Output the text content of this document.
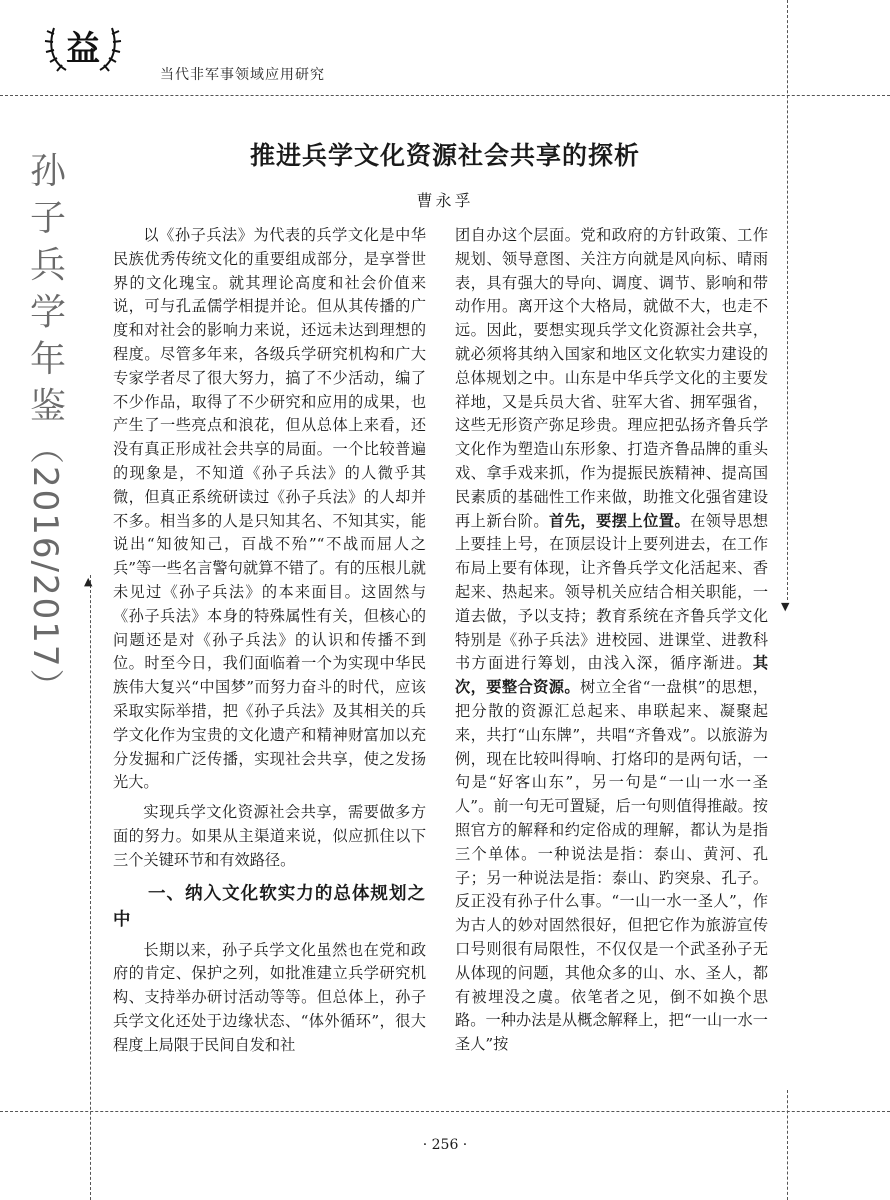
益
当代非军事领域应用研究
孙
子
兵
学
年
鉴
（2016/2017） ▲
▼
推进兵学文化资源社会共享的探析
曹永孚

以《孙子兵法》为代表的兵学文化是中华民族优秀传统文化的重要组成部分，是享誉世界的文化瑰宝。就其理论高度和社会价值来说，可与孔孟儒学相提并论。但从其传播的广度和对社会的影响力来说，还远未达到理想的程度。尽管多年来，各级兵学研究机构和广大专家学者尽了很大努力，搞了不少活动，编了不少作品，取得了不少研究和应用的成果，也产生了一些亮点和浪花，但从总体上来看，还没有真正形成社会共享的局面。一个比较普遍的现象是，不知道《孙子兵法》的人微乎其微，但真正系统研读过《孙子兵法》的人却并不多。相当多的人是只知其名、不知其实，能说出“知彼知己，百战不殆”“不战而屈人之兵”等一些名言警句就算不错了。有的压根儿就未见过《孙子兵法》的本来面目。这固然与《孙子兵法》本身的特殊属性有关，但核心的问题还是对《孙子兵法》的认识和传播不到位。时至今日，我们面临着一个为实现中华民族伟大复兴“中国梦”而努力奋斗的时代，应该采取实际举措，把《孙子兵法》及其相关的兵学文化作为宝贵的文化遗产和精神财富加以充分发掘和广泛传播，实现社会共享，使之发扬光大。

实现兵学文化资源社会共享，需要做多方面的努力。如果从主渠道来说，似应抓住以下三个关键环节和有效路径。

一、纳入文化软实力的总体规划之中

长期以来，孙子兵学文化虽然也在党和政府的肯定、保护之列，如批准建立兵学研究机构、支持举办研讨活动等等。但总体上，孙子兵学文化还处于边缘状态、“体外循环”，很大程度上局限于民间自发和社

团自办这个层面。党和政府的方针政策、工作规划、领导意图、关注方向就是风向标、晴雨表，具有强大的导向、调度、调节、影响和带动作用。离开这个大格局，就做不大，也走不远。因此，要想实现兵学文化资源社会共享，就必须将其纳入国家和地区文化软实力建设的总体规划之中。山东是中华兵学文化的主要发祥地，又是兵员大省、驻军大省、拥军强省，这些无形资产弥足珍贵。理应把弘扬齐鲁兵学文化作为塑造山东形象、打造齐鲁品牌的重头戏、拿手戏来抓，作为提振民族精神、提高国民素质的基础性工作来做，助推文化强省建设再上新台阶。首先，要摆上位置。在领导思想上要挂上号，在顶层设计上要列进去，在工作布局上要有体现，让齐鲁兵学文化活起来、香起来、热起来。领导机关应结合相关职能，一道去做，予以支持；教育系统在齐鲁兵学文化特别是《孙子兵法》进校园、进课堂、进教科书方面进行筹划，由浅入深，循序渐进。其次，要整合资源。树立全省“一盘棋”的思想，把分散的资源汇总起来、串联起来、凝聚起来，共打“山东牌”，共唱“齐鲁戏”。以旅游为例，现在比较叫得响、打烙印的是两句话，一句是“好客山东”，另一句是“一山一水一圣人”。前一句无可置疑，后一句则值得推敲。按照官方的解释和约定俗成的理解，都认为是指三个单体。一种说法是指：泰山、黄河、孔子；另一种说法是指：泰山、趵突泉、孔子。反正没有孙子什么事。“一山一水一圣人”，作为古人的妙对固然很好，但把它作为旅游宣传口号则很有局限性，不仅仅是一个武圣孙子无从体现的问题，其他众多的山、水、圣人，都有被埋没之虞。依笔者之见，倒不如换个思路。一种办法是从概念解释上，把“一山一水一圣人”按

· 256 ·
